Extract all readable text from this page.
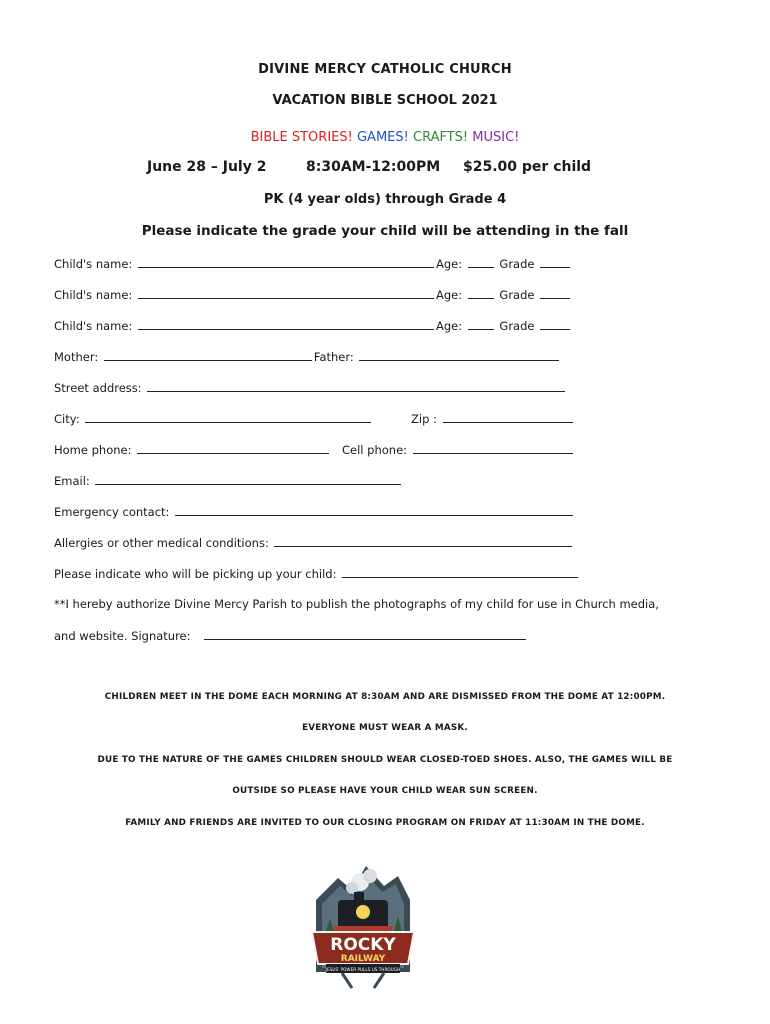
DIVINE MERCY CATHOLIC CHURCH
VACATION BIBLE SCHOOL 2021
BIBLE STORIES! GAMES! CRAFTS! MUSIC!
June 28 – July 2	8:30AM-12:00PM $25.00 per child
PK (4 year olds) through Grade 4
Please indicate the grade your child will be attending in the fall
Child's name:	Age:	Grade
Child's name:	Age:	Grade
Child's name:	Age:	Grade
Mother:	Father:
Street address:
City:	Zip :
Home phone:	Cell phone:
Email:
Emergency contact:
Allergies or other medical conditions:
Please indicate who will be picking up your child:
**I hereby authorize Divine Mercy Parish to publish the photographs of my child for use in Church media,
and website. Signature:
CHILDREN MEET IN THE DOME EACH MORNING AT 8:30AM AND ARE DISMISSED FROM THE DOME AT 12:00PM.
EVERYONE MUST WEAR A MASK.
DUE TO THE NATURE OF THE GAMES CHILDREN SHOULD WEAR CLOSED-TOED SHOES. ALSO, THE GAMES WILL BE
OUTSIDE SO PLEASE HAVE YOUR CHILD WEAR SUN SCREEN.
FAMILY AND FRIENDS ARE INVITED TO OUR CLOSING PROGRAM ON FRIDAY AT 11:30AM IN THE DOME.
ROCKY
RAILWAY
JESUS' POWER PULLS US THROUGH
